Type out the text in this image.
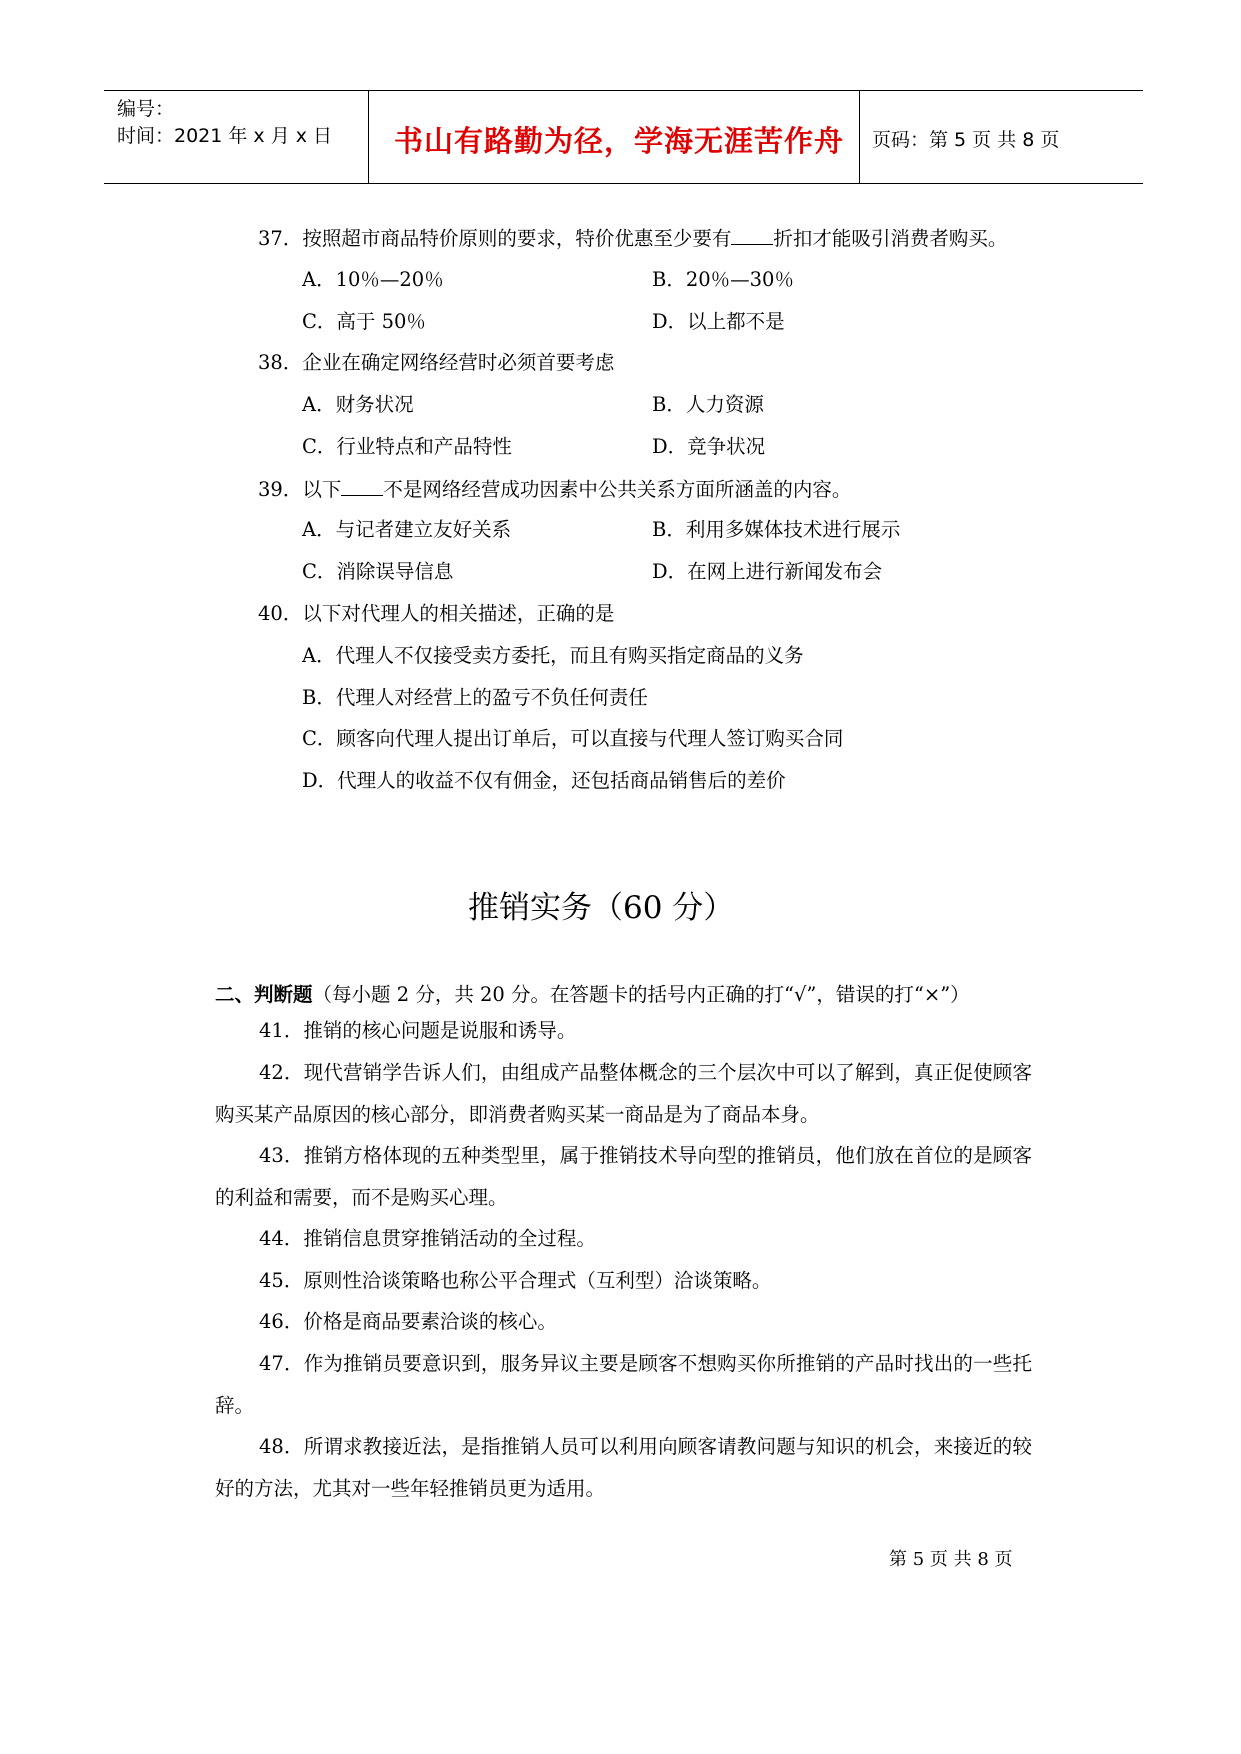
编号：
时间：2021 年 x 月 x 日 书山有路勤为径，学海无涯苦作舟 页码：第 5 页 共 8 页
37．按照超市商品特价原则的要求，特价优惠至少要有 折扣才能吸引消费者购买。
A．10％—20％	B．20％—30％
C．高于 50％	D．以上都不是
38．企业在确定网络经营时必须首要考虑
A．财务状况	B．人力资源
C．行业特点和产品特性	D．竞争状况
39．以下 不是网络经营成功因素中公共关系方面所涵盖的内容。
A．与记者建立友好关系	B．利用多媒体技术进行展示
C．消除误导信息	D．在网上进行新闻发布会
40．以下对代理人的相关描述，正确的是
A．代理人不仅接受卖方委托，而且有购买指定商品的义务
B．代理人对经营上的盈亏不负任何责任
C．顾客向代理人提出订单后，可以直接与代理人签订购买合同
D．代理人的收益不仅有佣金，还包括商品销售后的差价
推销实务（60 分）
二、判断题（每小题 2 分，共 20 分。在答题卡的括号内正确的打“√”，错误的打“×”）
41．推销的核心问题是说服和诱导。
42．现代营销学告诉人们，由组成产品整体概念的三个层次中可以了解到，真正促使顾客购买某产品原因的核心部分，即消费者购买某一商品是为了商品本身。
43．推销方格体现的五种类型里，属于推销技术导向型的推销员，他们放在首位的是顾客的利益和需要，而不是购买心理。
44．推销信息贯穿推销活动的全过程。
45．原则性洽谈策略也称公平合理式（互利型）洽谈策略。
46．价格是商品要素洽谈的核心。
47．作为推销员要意识到，服务异议主要是顾客不想购买你所推销的产品时找出的一些托辞。
48．所谓求教接近法，是指推销人员可以利用向顾客请教问题与知识的机会，来接近的较好的方法，尤其对一些年轻推销员更为适用。
第 5 页 共 8 页
